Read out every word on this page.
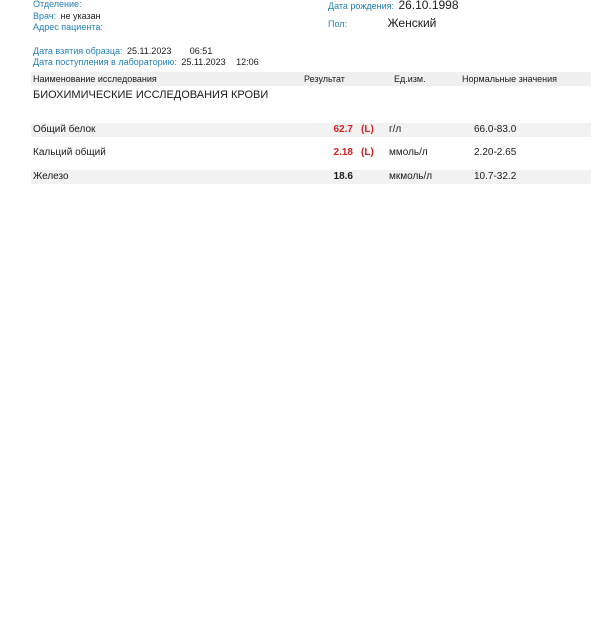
Отделение:
Врач: не указан
Адрес пациента:
Дата рождения: 26.10.1998
Пол:	Женский
Дата взятия образца: 25.11.2023 06:51
Дата поступления в лабораторию: 25.11.2023 12:06
Наименование исследования	Результат	Ед.изм.	Нормальные значения
БИОХИМИЧЕСКИЕ ИССЛЕДОВАНИЯ КРОВИ
Общий белок	62.7 (L) г/л	66.0-83.0
Кальций общий	2.18 (L) ммоль/л	2.20-2.65
Железо	18.6	мкмоль/л	10.7-32.2
